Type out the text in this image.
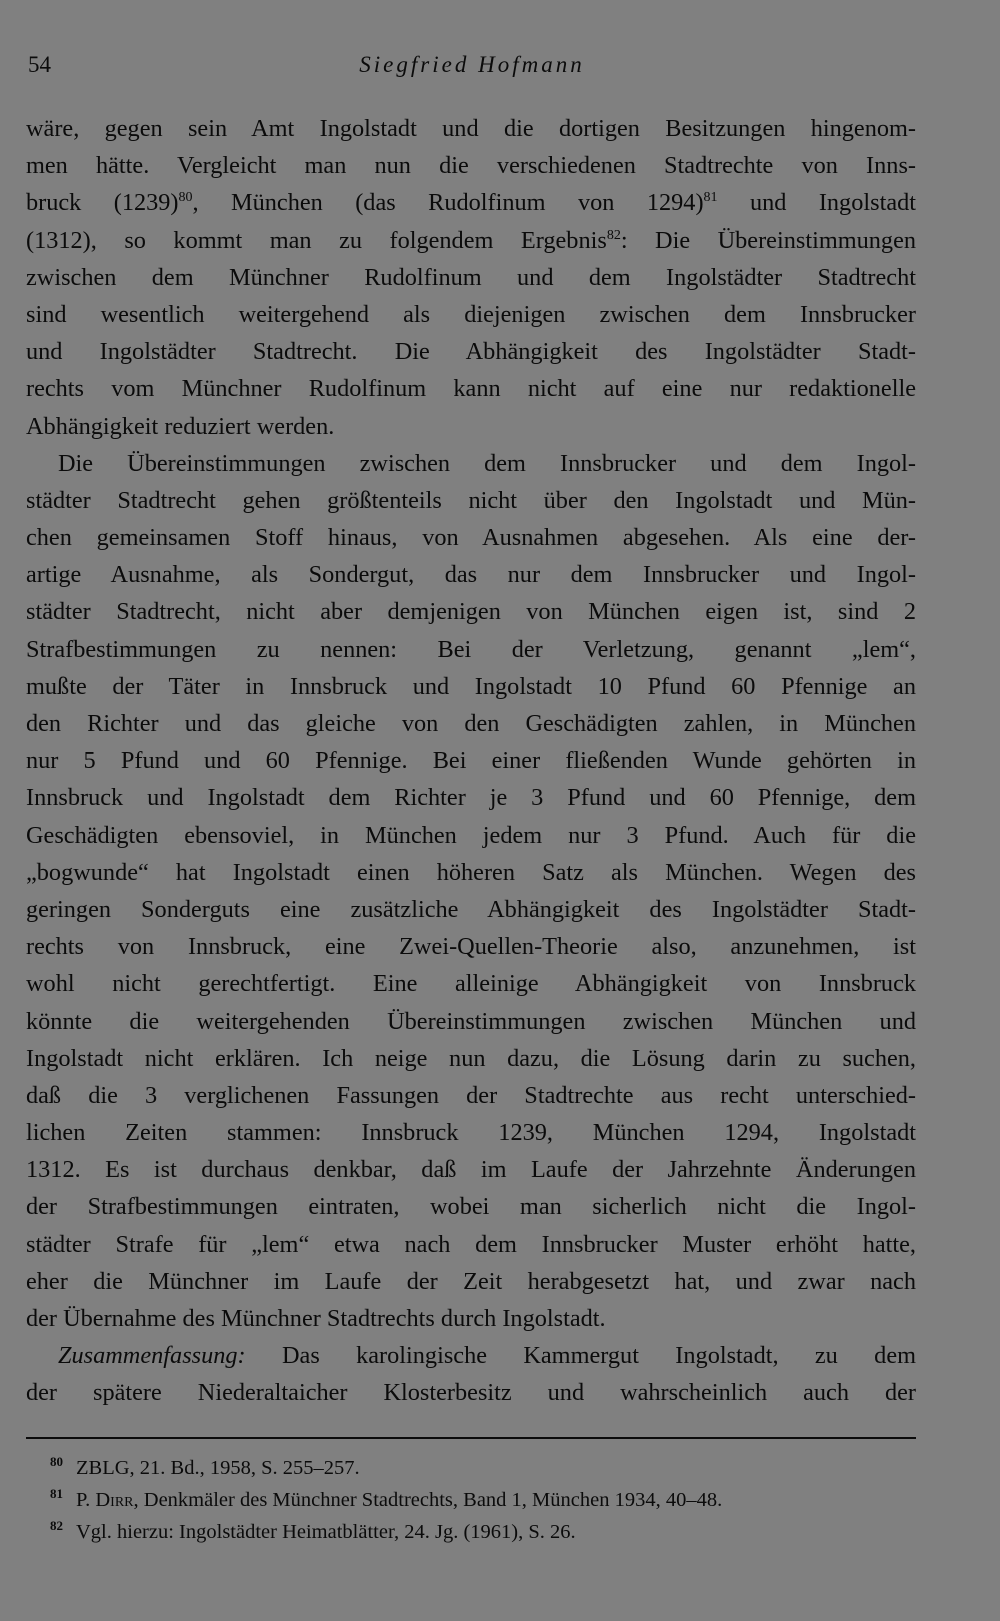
54	Siegfried Hofmann
wäre, gegen sein Amt Ingolstadt und die dortigen Besitzungen hingenom-
men hätte. Vergleicht man nun die verschiedenen Stadtrechte von Inns-
bruck $(1239)^{80}$, München (das Rudolfinum von 1294)$^{81}$ und Ingolstadt
(1312), so kommt man zu folgendem Ergebnis$^{82}$: Die Übereinstimmungen
zwischen dem Münchner Rudolfinum und dem Ingolstädter Stadtrecht
sind wesentlich weitergehend als diejenigen zwischen dem Innsbrucker
und Ingolstädter Stadtrecht. Die Abhängigkeit des Ingolstädter Stadt-
rechts vom Münchner Rudolfinum kann nicht auf eine nur redaktionelle
Abhängigkeit reduziert werden.
Die Übereinstimmungen zwischen dem Innsbrucker und dem Ingol-
städter Stadtrecht gehen größtenteils nicht über den Ingolstadt und Mün-
chen gemeinsamen Stoff hinaus, von Ausnahmen abgesehen. Als eine der-
artige Ausnahme, als Sondergut, das nur dem Innsbrucker und Ingol-
städter Stadtrecht, nicht aber demjenigen von München eigen ist, sind 2
Strafbestimmungen zu nennen: Bei der Verletzung, genannt „lem“,
mußte der Täter in Innsbruck und Ingolstadt 10 Pfund 60 Pfennige an
den Richter und das gleiche von den Geschädigten zahlen, in München
nur 5 Pfund und 60 Pfennige. Bei einer fließenden Wunde gehörten in
Innsbruck und Ingolstadt dem Richter je 3 Pfund und 60 Pfennige, dem
Geschädigten ebensoviel, in München jedem nur 3 Pfund. Auch für die
„bogwunde“ hat Ingolstadt einen höheren Satz als München. Wegen des
geringen Sonderguts eine zusätzliche Abhängigkeit des Ingolstädter Stadt-
rechts von Innsbruck, eine Zwei-Quellen-Theorie also, anzunehmen, ist
wohl nicht gerechtfertigt. Eine alleinige Abhängigkeit von Innsbruck
könnte die weitergehenden Übereinstimmungen zwischen München und
Ingolstadt nicht erklären. Ich neige nun dazu, die Lösung darin zu suchen,
daß die 3 verglichenen Fassungen der Stadtrechte aus recht unterschied-
lichen Zeiten stammen: Innsbruck 1239, München 1294, Ingolstadt
1312. Es ist durchaus denkbar, daß im Laufe der Jahrzehnte Änderungen
der Strafbestimmungen eintraten, wobei man sicherlich nicht die Ingol-
städter Strafe für „lem“ etwa nach dem Innsbrucker Muster erhöht hatte,
eher die Münchner im Laufe der Zeit herabgesetzt hat, und zwar nach
der Übernahme des Münchner Stadtrechts durch Ingolstadt.
Zusammenfassung: Das karolingische Kammergut Ingolstadt, zu dem
der spätere Niederaltaicher Klosterbesitz und wahrscheinlich auch der
80 ZBLG, 21. Bd., 1958, S. 255–257.
81 P. Dirr, Denkmäler des Münchner Stadtrechts, Band 1, München 1934, 40–48.
82 Vgl. hierzu: Ingolstädter Heimatblätter, 24. Jg. (1961), S. 26.
